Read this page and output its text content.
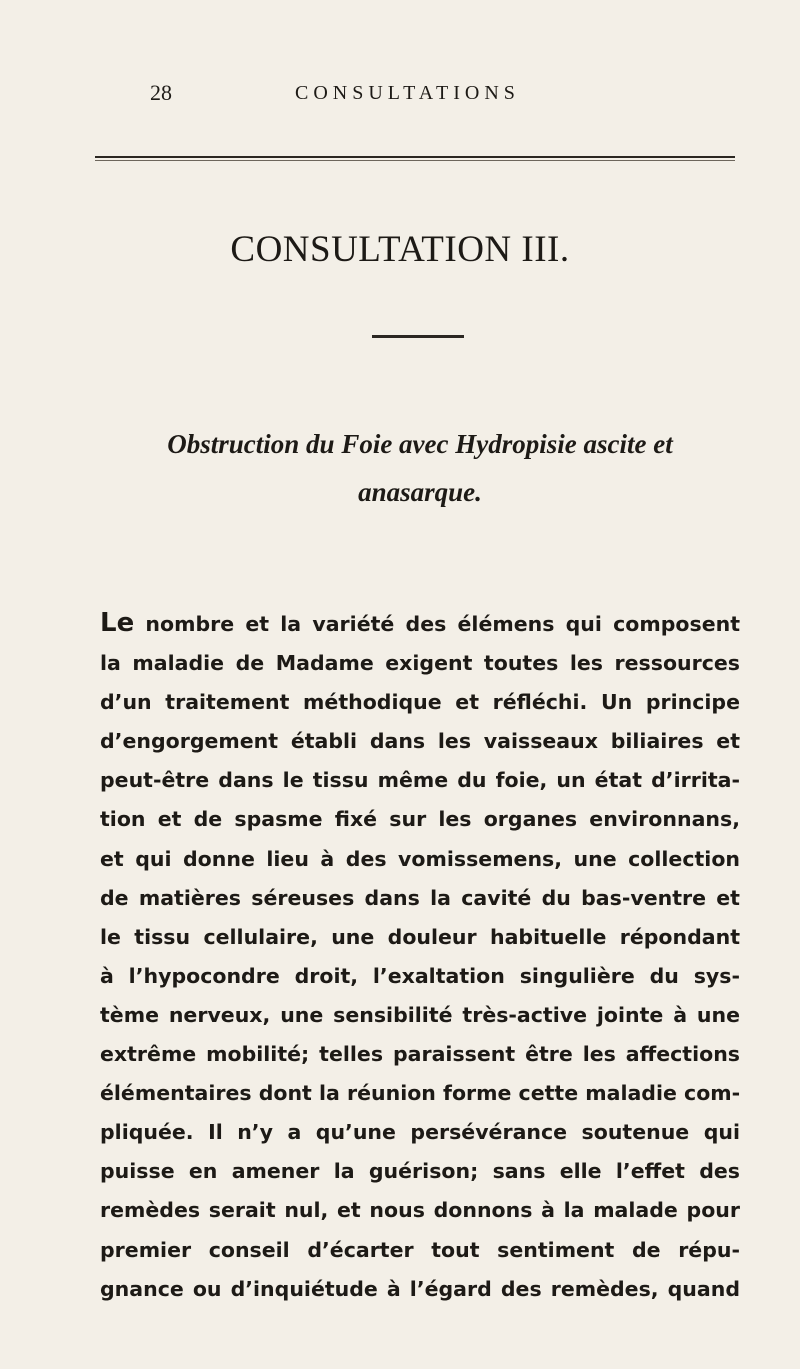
28	CONSULTATIONS
CONSULTATION III.
Obstruction du Foie avec Hydropisie ascite et
anasarque.
Le nombre et la variété des élémens qui composent
la maladie de Madame exigent toutes les ressources
d’un traitement méthodique et réfléchi. Un principe
d’engorgement établi dans les vaisseaux biliaires et
peut-être dans le tissu même du foie, un état d’irrita-
tion et de spasme fixé sur les organes environnans,
et qui donne lieu à des vomissemens, une collection
de matières séreuses dans la cavité du bas-ventre et
le tissu cellulaire, une douleur habituelle répondant
à l’hypocondre droit, l’exaltation singulière du sys-
tème nerveux, une sensibilité très-active jointe à une
extrême mobilité; telles paraissent être les affections
élémentaires dont la réunion forme cette maladie com-
pliquée. Il n’y a qu’une persévérance soutenue qui
puisse en amener la guérison; sans elle l’effet des
remèdes serait nul, et nous donnons à la malade pour
premier conseil d’écarter tout sentiment de répu-
gnance ou d’inquiétude à l’égard des remèdes, quand
